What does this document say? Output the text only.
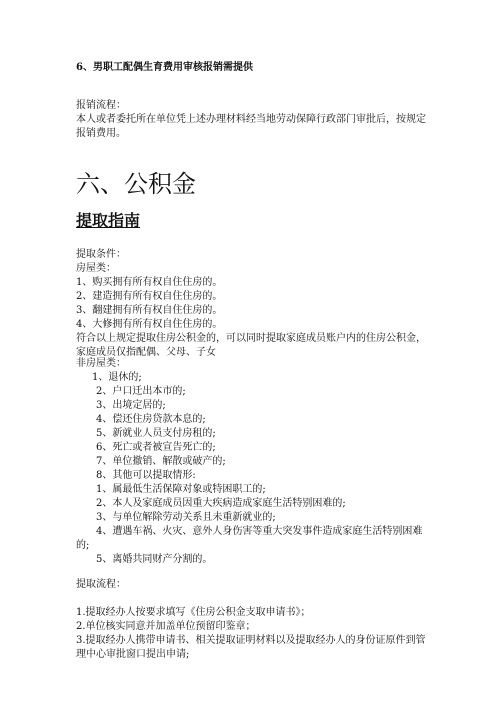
6、男职工配偶生育费用审核报销需提供
报销流程：
本人或者委托所在单位凭上述办理材料经当地劳动保障行政部门审批后，按规定
报销费用。
六、公积金
提取指南
提取条件：
房屋类：
1、购买拥有所有权自住住房的。
2、建造拥有所有权自住住房的。
3、翻建拥有所有权自住住房的。
4、大修拥有所有权自住住房的。
符合以上规定提取住房公积金的，可以同时提取家庭成员账户内的住房公积金，
家庭成员仅指配偶、父母、子女
非房屋类：
1、退休的;
2、户口迁出本市的;
3、出境定居的;
4、偿还住房贷款本息的;
5、新就业人员支付房租的;
6、死亡或者被宣告死亡的;
7、单位撤销、解散或破产的;
8、其他可以提取情形:
1、属最低生活保障对象或特困职工的;
2、本人及家庭成员因重大疾病造成家庭生活特别困难的;
3、与单位解除劳动关系且未重新就业的;
4、遭遇车祸、火灾、意外人身伤害等重大突发事件造成家庭生活特别困难
的;
5、离婚共同财产分割的。
提取流程：
1.提取经办人按要求填写《住房公积金支取申请书》；
2.单位核实同意并加盖单位预留印鉴章；
3.提取经办人携带申请书、相关提取证明材料以及提取经办人的身份证原件到管
理中心审批窗口提出申请;
